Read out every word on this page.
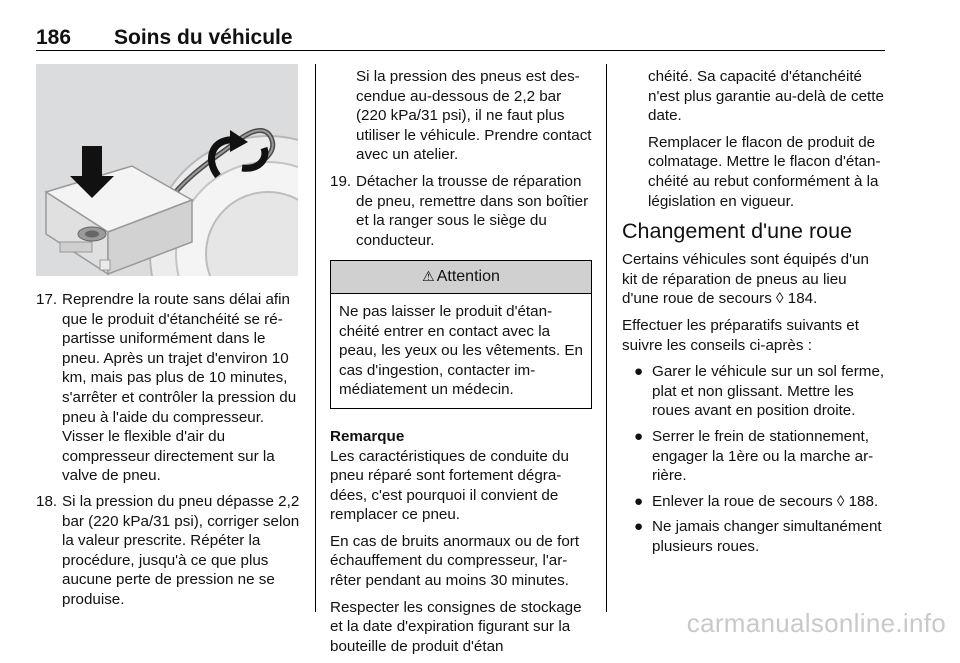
186 Soins du véhicule
17. Reprendre la route sans délai afin que le produit d'étanchéité se répartisse uniformément dans le pneu. Après un trajet d'environ 10 km, mais pas plus de 10 minutes, s'arrêter et contrôler la pression du pneu à l'aide du compresseur. Visser le flexible d'air du compresseur directement sur la valve de pneu.
18. Si la pression du pneu dépasse 2,2 bar (220 kPa/31 psi), corriger selon la valeur prescrite. Répéter la procédure, jusqu'à ce que plus aucune perte de pression ne se produise.

Si la pression des pneus est descendue au-dessous de 2,2 bar (220 kPa/31 psi), il ne faut plus utiliser le véhicule. Prendre contact avec un atelier.

19. Détacher la trousse de réparation de pneu, remettre dans son boîtier et la ranger sous le siège du conducteur.
⚠ Attention
Ne pas laisser le produit d'étanchéité entrer en contact avec la peau, les yeux ou les vêtements. En cas d'ingestion, contacter immédiatement un médecin.
Remarque

Les caractéristiques de conduite du pneu réparé sont fortement dégradées, c'est pourquoi il convient de remplacer ce pneu.

En cas de bruits anormaux ou de fort échauffement du compresseur, l'arrêter pendant au moins 30 minutes.

Respecter les consignes de stockage et la date d'expiration figurant sur la bouteille de produit d'étan

chéité. Sa capacité d'étanchéité n'est plus garantie au-delà de cette date.

Remplacer le flacon de produit de colmatage. Mettre le flacon d'étanchéité au rebut conformément à la législation en vigueur.

Changement d'une roue

Certains véhicules sont équipés d'un kit de réparation de pneus au lieu d'une roue de secours ◊ 184.

Effectuer les préparatifs suivants et suivre les conseils ci-après :

● Garer le véhicule sur un sol ferme, plat et non glissant. Mettre les roues avant en position droite.
● Serrer le frein de stationnement, engager la 1ère ou la marche arrière.
● Enlever la roue de secours ◊ 188.
● Ne jamais changer simultanément plusieurs roues.
carmanualsonline.info
